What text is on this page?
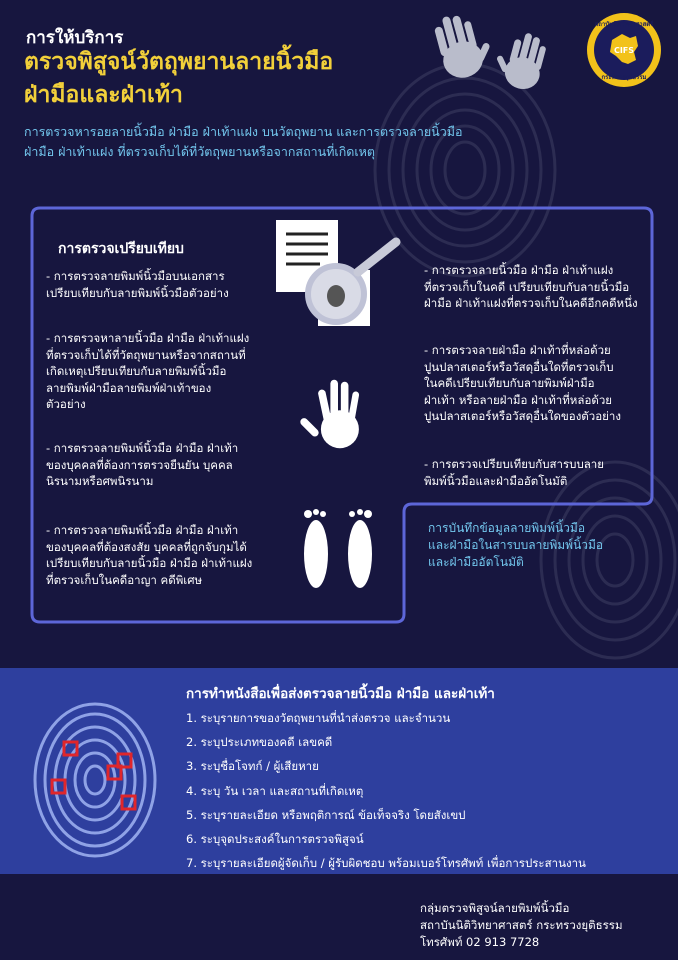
การให้บริการ
ตรวจพิสูจน์วัตถุพยานลายนิ้วมือ
ฝ่ามือและฝ่าเท้า
สถาบันนิติวิทยาศาสตร์
CIFS
กระทรวงยุติธรรม
การตรวจหารอยลายนิ้วมือ ฝ่ามือ ฝ่าเท้าแฝง บนวัตถุพยาน และการตรวจลายนิ้วมือ
ฝ่ามือ ฝ่าเท้าแฝง ที่ตรวจเก็บได้ที่วัตถุพยานหรือจากสถานที่เกิดเหตุ
การตรวจเปรียบเทียบ
- การตรวจลายพิมพ์นิ้วมือบนเอกสาร
เปรียบเทียบกับลายพิมพ์นิ้วมือตัวอย่าง
- การตรวจหาลายนิ้วมือ ฝ่ามือ ฝ่าเท้าแฝง
ที่ตรวจเก็บได้ที่วัตถุพยานหรือจากสถานที่
เกิดเหตุเปรียบเทียบกับลายพิมพ์นิ้วมือ
ลายพิมพ์ฝ่ามือลายพิมพ์ฝ่าเท้าของ
ตัวอย่าง
- การตรวจลายพิมพ์นิ้วมือ ฝ่ามือ ฝ่าเท้า
ของบุคคลที่ต้องการตรวจยืนยัน บุคคล
นิรนามหรือศพนิรนาม
- การตรวจลายพิมพ์นิ้วมือ ฝ่ามือ ฝ่าเท้า
ของบุคคลที่ต้องสงสัย บุคคลที่ถูกจับกุมได้
เปรียบเทียบกับลายนิ้วมือ ฝ่ามือ ฝ่าเท้าแฝง
ที่ตรวจเก็บในคดีอาญา คดีพิเศษ
- การตรวจลายนิ้วมือ ฝ่ามือ ฝ่าเท้าแฝง
ที่ตรวจเก็บในคดี เปรียบเทียบกับลายนิ้วมือ
ฝ่ามือ ฝ่าเท้าแฝงที่ตรวจเก็บในคดีอีกคดีหนึ่ง
- การตรวจลายฝ่ามือ ฝ่าเท้าที่หล่อด้วย
ปูนปลาสเตอร์หรือวัสดุอื่นใดที่ตรวจเก็บ
ในคดีเปรียบเทียบกับลายพิมพ์ฝ่ามือ
ฝ่าเท้า หรือลายฝ่ามือ ฝ่าเท้าที่หล่อด้วย
ปูนปลาสเตอร์หรือวัสดุอื่นใดของตัวอย่าง
- การตรวจเปรียบเทียบกับสารบบลาย
พิมพ์นิ้วมือและฝ่ามืออัตโนมัติ
การบันทึกข้อมูลลายพิมพ์นิ้วมือ
และฝ่ามือในสารบบลายพิมพ์นิ้วมือ
และฝ่ามืออัตโนมัติ
การทำหนังสือเพื่อส่งตรวจลายนิ้วมือ ฝ่ามือ และฝ่าเท้า
1. ระบุรายการของวัตถุพยานที่นำส่งตรวจ และจำนวน
2. ระบุประเภทของคดี เลขคดี
3. ระบุชื่อโจทก์ / ผู้เสียหาย
4. ระบุ วัน เวลา และสถานที่เกิดเหตุ
5. ระบุรายละเอียด หรือพฤติการณ์ ข้อเท็จจริง โดยสังเขป
6. ระบุจุดประสงค์ในการตรวจพิสูจน์
7. ระบุรายละเอียดผู้จัดเก็บ / ผู้รับผิดชอบ พร้อมเบอร์โทรศัพท์ เพื่อการประสานงาน
กลุ่มตรวจพิสูจน์ลายพิมพ์นิ้วมือ
สถาบันนิติวิทยาศาสตร์ กระทรวงยุติธรรม
โทรศัพท์ 02 913 7728
